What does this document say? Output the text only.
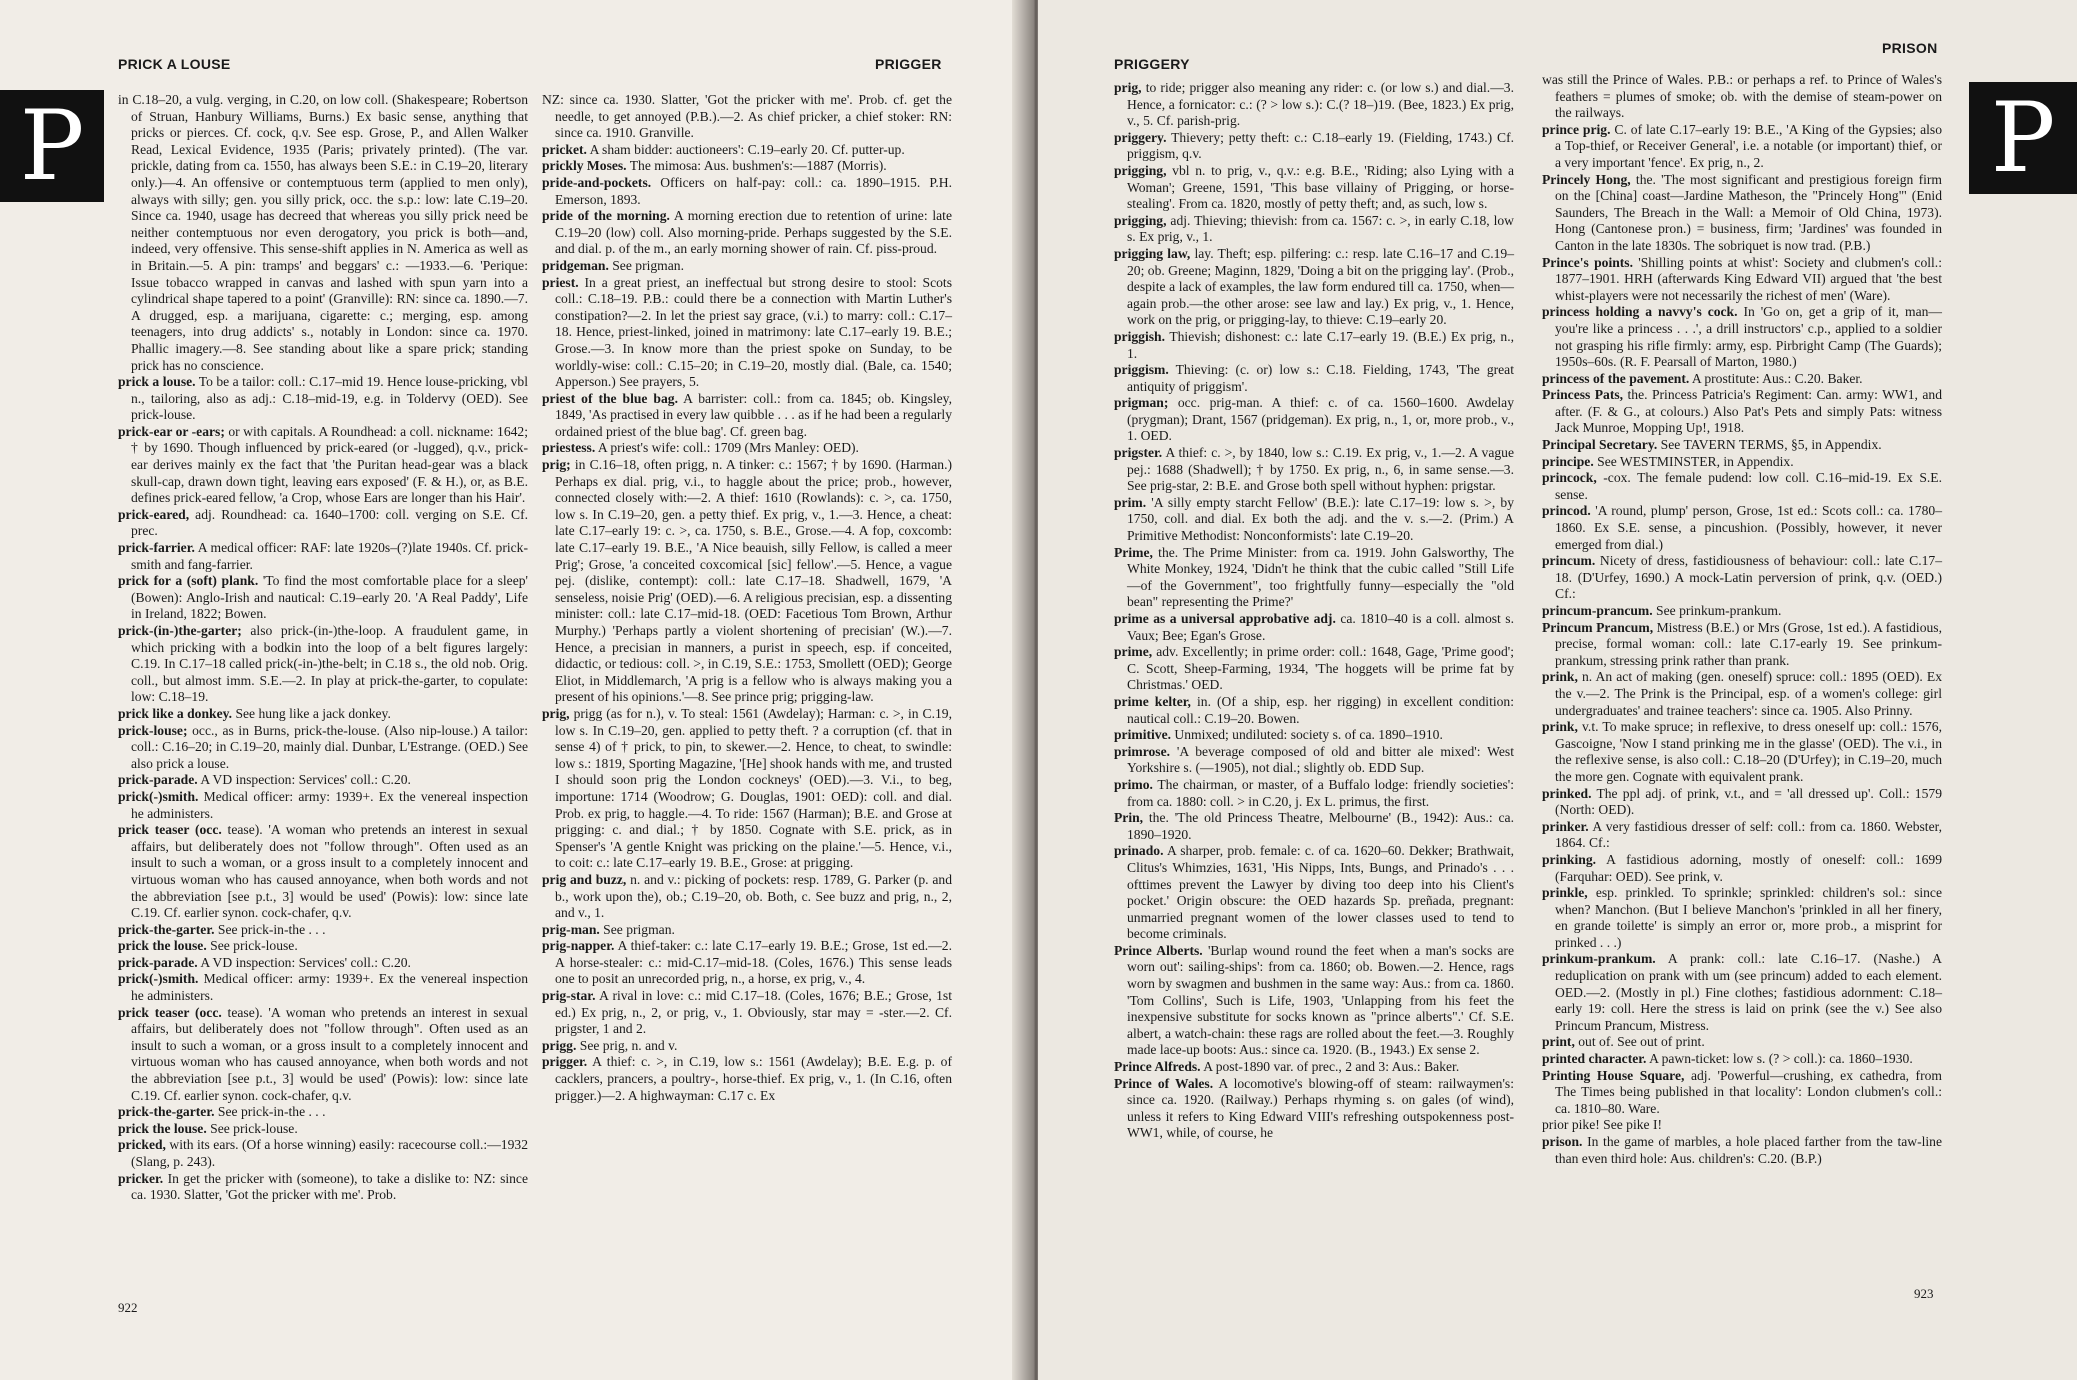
P
PRICK A LOUSE	PRIGGER

in C.18–20, a vulg. verging, in C.20, on low coll. (Shakespeare; Robertson of Struan, Hanbury Williams, Burns.) Ex basic sense, anything that pricks or pierces. Cf. cock, q.v. See esp. Grose, P., and Allen Walker Read, Lexical Evidence, 1935 (Paris; privately printed). (The var. prickle, dating from ca. 1550, has always been S.E.: in C.19–20, literary only.)—4. An offensive or contemptuous term (applied to men only), always with silly; gen. you silly prick, occ. the s.p.: low: late C.19–20. Since ca. 1940, usage has decreed that whereas you silly prick need be neither contemptuous nor even derogatory, you prick is both—and, indeed, very offensive. This sense-shift applies in N. America as well as in Britain.—5. A pin: tramps' and beggars' c.: —1933.—6. 'Perique: Issue tobacco wrapped in canvas and lashed with spun yarn into a cylindrical shape tapered to a point' (Granville): RN: since ca. 1890.—7. A drugged, esp. a marijuana, cigarette: c.; merging, esp. among teenagers, into drug addicts' s., notably in London: since ca. 1970. Phallic imagery.—8. See standing about like a spare prick; standing prick has no conscience.

prick a louse. To be a tailor: coll.: C.17–mid 19. Hence louse-pricking, vbl n., tailoring, also as adj.: C.18–mid-19, e.g. in Toldervy (OED). See prick-louse.

prick-ear or -ears; or with capitals. A Roundhead: a coll. nickname: 1642; † by 1690. Though influenced by prick-eared (or -lugged), q.v., prick-ear derives mainly ex the fact that 'the Puritan head-gear was a black skull-cap, drawn down tight, leaving ears exposed' (F. & H.), or, as B.E. defines prick-eared fellow, 'a Crop, whose Ears are longer than his Hair'.

prick-eared, adj. Roundhead: ca. 1640–1700: coll. verging on S.E. Cf. prec.

prick-farrier. A medical officer: RAF: late 1920s–(?)late 1940s. Cf. prick-smith and fang-farrier.

prick for a (soft) plank. 'To find the most comfortable place for a sleep' (Bowen): Anglo-Irish and nautical: C.19–early 20. 'A Real Paddy', Life in Ireland, 1822; Bowen.

prick-(in-)the-garter; also prick-(in-)the-loop. A fraudulent game, in which pricking with a bodkin into the loop of a belt figures largely: C.19. In C.17–18 called prick(-in-)the-belt; in C.18 s., the old nob. Orig. coll., but almost imm. S.E.—2. In play at prick-the-garter, to copulate: low: C.18–19.

prick like a donkey. See hung like a jack donkey.

prick-louse; occ., as in Burns, prick-the-louse. (Also nip-louse.) A tailor: coll.: C.16–20; in C.19–20, mainly dial. Dunbar, L'Estrange. (OED.) See also prick a louse.

prick-parade. A VD inspection: Services' coll.: C.20.

prick(-)smith. Medical officer: army: 1939+. Ex the venereal inspection he administers.

prick teaser (occ. tease). 'A woman who pretends an interest in sexual affairs, but deliberately does not "follow through". Often used as an insult to such a woman, or a gross insult to a completely innocent and virtuous woman who has caused annoyance, when both words and not the abbreviation [see p.t., 3] would be used' (Powis): low: since late C.19. Cf. earlier synon. cock-chafer, q.v.

prick-the-garter. See prick-in-the . . .

prick the louse. See prick-louse.

prick-parade. A VD inspection: Services' coll.: C.20.

prick(-)smith. Medical officer: army: 1939+. Ex the venereal inspection he administers.

prick teaser (occ. tease). 'A woman who pretends an interest in sexual affairs, but deliberately does not "follow through". Often used as an insult to such a woman, or a gross insult to a completely innocent and virtuous woman who has caused annoyance, when both words and not the abbreviation [see p.t., 3] would be used' (Powis): low: since late C.19. Cf. earlier synon. cock-chafer, q.v.

prick-the-garter. See prick-in-the . . .

prick the louse. See prick-louse.

pricked, with its ears. (Of a horse winning) easily: racecourse coll.:—1932 (Slang, p. 243).

pricker. In get the pricker with (someone), to take a dislike to: NZ: since ca. 1930. Slatter, 'Got the pricker with me'. Prob.

NZ: since ca. 1930. Slatter, 'Got the pricker with me'. Prob. cf. get the needle, to get annoyed (P.B.).—2. As chief pricker, a chief stoker: RN: since ca. 1910. Granville.

pricket. A sham bidder: auctioneers': C.19–early 20. Cf. putter-up.

prickly Moses. The mimosa: Aus. bushmen's:—1887 (Morris).

pride-and-pockets. Officers on half-pay: coll.: ca. 1890–1915. P.H. Emerson, 1893.

pride of the morning. A morning erection due to retention of urine: late C.19–20 (low) coll. Also morning-pride. Perhaps suggested by the S.E. and dial. p. of the m., an early morning shower of rain. Cf. piss-proud.

pridgeman. See prigman.

priest. In a great priest, an ineffectual but strong desire to stool: Scots coll.: C.18–19. P.B.: could there be a connection with Martin Luther's constipation?—2. In let the priest say grace, (v.i.) to marry: coll.: C.17–18. Hence, priest-linked, joined in matrimony: late C.17–early 19. B.E.; Grose.—3. In know more than the priest spoke on Sunday, to be worldly-wise: coll.: C.15–20; in C.19–20, mostly dial. (Bale, ca. 1540; Apperson.) See prayers, 5.

priest of the blue bag. A barrister: coll.: from ca. 1845; ob. Kingsley, 1849, 'As practised in every law quibble . . . as if he had been a regularly ordained priest of the blue bag'. Cf. green bag.

priestess. A priest's wife: coll.: 1709 (Mrs Manley: OED).

prig; in C.16–18, often prigg, n. A tinker: c.: 1567; † by 1690. (Harman.) Perhaps ex dial. prig, v.i., to haggle about the price; prob., however, connected closely with:—2. A thief: 1610 (Rowlands): c. >, ca. 1750, low s. In C.19–20, gen. a petty thief. Ex prig, v., 1.—3. Hence, a cheat: late C.17–early 19: c. >, ca. 1750, s. B.E., Grose.—4. A fop, coxcomb: late C.17–early 19. B.E., 'A Nice beauish, silly Fellow, is called a meer Prig'; Grose, 'a conceited coxcomical [sic] fellow'.—5. Hence, a vague pej. (dislike, contempt): coll.: late C.17–18. Shadwell, 1679, 'A senseless, noisie Prig' (OED).—6. A religious precisian, esp. a dissenting minister: coll.: late C.17–mid-18. (OED: Facetious Tom Brown, Arthur Murphy.) 'Perhaps partly a violent shortening of precisian' (W.).—7. Hence, a precisian in manners, a purist in speech, esp. if conceited, didactic, or tedious: coll. >, in C.19, S.E.: 1753, Smollett (OED); George Eliot, in Middlemarch, 'A prig is a fellow who is always making you a present of his opinions.'—8. See prince prig; prigging-law.

prig, prigg (as for n.), v. To steal: 1561 (Awdelay); Harman: c. >, in C.19, low s. In C.19–20, gen. applied to petty theft. ? a corruption (cf. that in sense 4) of † prick, to pin, to skewer.—2. Hence, to cheat, to swindle: low s.: 1819, Sporting Magazine, '[He] shook hands with me, and trusted I should soon prig the London cockneys' (OED).—3. V.i., to beg, importune: 1714 (Woodrow; G. Douglas, 1901: OED): coll. and dial. Prob. ex prig, to haggle.—4. To ride: 1567 (Harman); B.E. and Grose at prigging: c. and dial.; † by 1850. Cognate with S.E. prick, as in Spenser's 'A gentle Knight was pricking on the plaine.'—5. Hence, v.i., to coit: c.: late C.17–early 19. B.E., Grose: at prigging.

prig and buzz, n. and v.: picking of pockets: resp. 1789, G. Parker (p. and b., work upon the), ob.; C.19–20, ob. Both, c. See buzz and prig, n., 2, and v., 1.

prig-man. See prigman.

prig-napper. A thief-taker: c.: late C.17–early 19. B.E.; Grose, 1st ed.—2. A horse-stealer: c.: mid-C.17–mid-18. (Coles, 1676.) This sense leads one to posit an unrecorded prig, n., a horse, ex prig, v., 4.

prig-star. A rival in love: c.: mid C.17–18. (Coles, 1676; B.E.; Grose, 1st ed.) Ex prig, n., 2, or prig, v., 1. Obviously, star may = -ster.—2. Cf. prigster, 1 and 2.

prigg. See prig, n. and v.

prigger. A thief: c. >, in C.19, low s.: 1561 (Awdelay); B.E. E.g. p. of cacklers, prancers, a poultry-, horse-thief. Ex prig, v., 1. (In C.16, often prigger.)—2. A highwayman: C.17 c. Ex

922
P
PRIGGERY
PRISON

prig, to ride; prigger also meaning any rider: c. (or low s.) and dial.—3. Hence, a fornicator: c.: (? > low s.): C.(? 18–)19. (Bee, 1823.) Ex prig, v., 5. Cf. parish-prig.

priggery. Thievery; petty theft: c.: C.18–early 19. (Fielding, 1743.) Cf. priggism, q.v.

prigging, vbl n. to prig, v., q.v.: e.g. B.E., 'Riding; also Lying with a Woman'; Greene, 1591, 'This base villainy of Prigging, or horse-stealing'. From ca. 1820, mostly of petty theft; and, as such, low s.

prigging, adj. Thieving; thievish: from ca. 1567: c. >, in early C.18, low s. Ex prig, v., 1.

prigging law, lay. Theft; esp. pilfering: c.: resp. late C.16–17 and C.19–20; ob. Greene; Maginn, 1829, 'Doing a bit on the prigging lay'. (Prob., despite a lack of examples, the law form endured till ca. 1750, when—again prob.—the other arose: see law and lay.) Ex prig, v., 1. Hence, work on the prig, or prigging-lay, to thieve: C.19–early 20.

priggish. Thievish; dishonest: c.: late C.17–early 19. (B.E.) Ex prig, n., 1.

priggism. Thieving: (c. or) low s.: C.18. Fielding, 1743, 'The great antiquity of priggism'.

prigman; occ. prig-man. A thief: c. of ca. 1560–1600. Awdelay (prygman); Drant, 1567 (pridgeman). Ex prig, n., 1, or, more prob., v., 1. OED.

prigster. A thief: c. >, by 1840, low s.: C.19. Ex prig, v., 1.—2. A vague pej.: 1688 (Shadwell); † by 1750. Ex prig, n., 6, in same sense.—3. See prig-star, 2: B.E. and Grose both spell without hyphen: prigstar.

prim. 'A silly empty starcht Fellow' (B.E.): late C.17–19: low s. >, by 1750, coll. and dial. Ex both the adj. and the v. s.—2. (Prim.) A Primitive Methodist: Nonconformists': late C.19–20.

Prime, the. The Prime Minister: from ca. 1919. John Galsworthy, The White Monkey, 1924, 'Didn't he think that the cubic called "Still Life—of the Government", too frightfully funny—especially the "old bean" representing the Prime?'

prime as a universal approbative adj. ca. 1810–40 is a coll. almost s. Vaux; Bee; Egan's Grose.

prime, adv. Excellently; in prime order: coll.: 1648, Gage, 'Prime good'; C. Scott, Sheep-Farming, 1934, 'The hoggets will be prime fat by Christmas.' OED.

prime kelter, in. (Of a ship, esp. her rigging) in excellent condition: nautical coll.: C.19–20. Bowen.

primitive. Unmixed; undiluted: society s. of ca. 1890–1910.

primrose. 'A beverage composed of old and bitter ale mixed': West Yorkshire s. (—1905), not dial.; slightly ob. EDD Sup.

primo. The chairman, or master, of a Buffalo lodge: friendly societies': from ca. 1880: coll. > in C.20, j. Ex L. primus, the first.

Prin, the. 'The old Princess Theatre, Melbourne' (B., 1942): Aus.: ca. 1890–1920.

prinado. A sharper, prob. female: c. of ca. 1620–60. Dekker; Brathwait, Clitus's Whimzies, 1631, 'His Nipps, Ints, Bungs, and Prinado's . . . ofttimes prevent the Lawyer by diving too deep into his Client's pocket.' Origin obscure: the OED hazards Sp. preñada, pregnant: unmarried pregnant women of the lower classes used to tend to become criminals.

Prince Alberts. 'Burlap wound round the feet when a man's socks are worn out': sailing-ships': from ca. 1860; ob. Bowen.—2. Hence, rags worn by swagmen and bushmen in the same way: Aus.: from ca. 1860. 'Tom Collins', Such is Life, 1903, 'Unlapping from his feet the inexpensive substitute for socks known as "prince alberts".' Cf. S.E. albert, a watch-chain: these rags are rolled about the feet.—3. Roughly made lace-up boots: Aus.: since ca. 1920. (B., 1943.) Ex sense 2.

Prince Alfreds. A post-1890 var. of prec., 2 and 3: Aus.: Baker.

Prince of Wales. A locomotive's blowing-off of steam: railwaymen's: since ca. 1920. (Railway.) Perhaps rhyming s. on gales (of wind), unless it refers to King Edward VIII's refreshing outspokenness post-WW1, while, of course, he

was still the Prince of Wales. P.B.: or perhaps a ref. to Prince of Wales's feathers = plumes of smoke; ob. with the demise of steam-power on the railways.

prince prig. C. of late C.17–early 19: B.E., 'A King of the Gypsies; also a Top-thief, or Receiver General', i.e. a notable (or important) thief, or a very important 'fence'. Ex prig, n., 2.

Princely Hong, the. 'The most significant and prestigious foreign firm on the [China] coast—Jardine Matheson, the "Princely Hong"' (Enid Saunders, The Breach in the Wall: a Memoir of Old China, 1973). Hong (Cantonese pron.) = business, firm; 'Jardines' was founded in Canton in the late 1830s. The sobriquet is now trad. (P.B.)

Prince's points. 'Shilling points at whist': Society and clubmen's coll.: 1877–1901. HRH (afterwards King Edward VII) argued that 'the best whist-players were not necessarily the richest of men' (Ware).

princess holding a navvy's cock. In 'Go on, get a grip of it, man—you're like a princess . . .', a drill instructors' c.p., applied to a soldier not grasping his rifle firmly: army, esp. Pirbright Camp (The Guards); 1950s–60s. (R. F. Pearsall of Marton, 1980.)

princess of the pavement. A prostitute: Aus.: C.20. Baker.

Princess Pats, the. Princess Patricia's Regiment: Can. army: WW1, and after. (F. & G., at colours.) Also Pat's Pets and simply Pats: witness Jack Munroe, Mopping Up!, 1918.

Principal Secretary. See TAVERN TERMS, §5, in Appendix.

principe. See WESTMINSTER, in Appendix.

princock, -cox. The female pudend: low coll. C.16–mid-19. Ex S.E. sense.

princod. 'A round, plump' person, Grose, 1st ed.: Scots coll.: ca. 1780–1860. Ex S.E. sense, a pincushion. (Possibly, however, it never emerged from dial.)

princum. Nicety of dress, fastidiousness of behaviour: coll.: late C.17–18. (D'Urfey, 1690.) A mock-Latin perversion of prink, q.v. (OED.) Cf.:

princum-prancum. See prinkum-prankum.

Princum Prancum, Mistress (B.E.) or Mrs (Grose, 1st ed.). A fastidious, precise, formal woman: coll.: late C.17-early 19. See prinkum-prankum, stressing prink rather than prank.

prink, n. An act of making (gen. oneself) spruce: coll.: 1895 (OED). Ex the v.—2. The Prink is the Principal, esp. of a women's college: girl undergraduates' and trainee teachers': since ca. 1905. Also Prinny.

prink, v.t. To make spruce; in reflexive, to dress oneself up: coll.: 1576, Gascoigne, 'Now I stand prinking me in the glasse' (OED). The v.i., in the reflexive sense, is also coll.: C.18–20 (D'Urfey); in C.19–20, much the more gen. Cognate with equivalent prank.

prinked. The ppl adj. of prink, v.t., and = 'all dressed up'. Coll.: 1579 (North: OED).

prinker. A very fastidious dresser of self: coll.: from ca. 1860. Webster, 1864. Cf.:

prinking. A fastidious adorning, mostly of oneself: coll.: 1699 (Farquhar: OED). See prink, v.

prinkle, esp. prinkled. To sprinkle; sprinkled: children's sol.: since when? Manchon. (But I believe Manchon's 'prinkled in all her finery, en grande toilette' is simply an error or, more prob., a misprint for prinked . . .)

prinkum-prankum. A prank: coll.: late C.16–17. (Nashe.) A reduplication on prank with um (see princum) added to each element. OED.—2. (Mostly in pl.) Fine clothes; fastidious adornment: C.18–early 19: coll. Here the stress is laid on prink (see the v.) See also Princum Prancum, Mistress.

print, out of. See out of print.

printed character. A pawn-ticket: low s. (? > coll.): ca. 1860–1930.

Printing House Square, adj. 'Powerful—crushing, ex cathedra, from The Times being published in that locality': London clubmen's coll.: ca. 1810–80. Ware.

prior pike! See pike I!

prison. In the game of marbles, a hole placed farther from the taw-line than even third hole: Aus. children's: C.20. (B.P.)

923
